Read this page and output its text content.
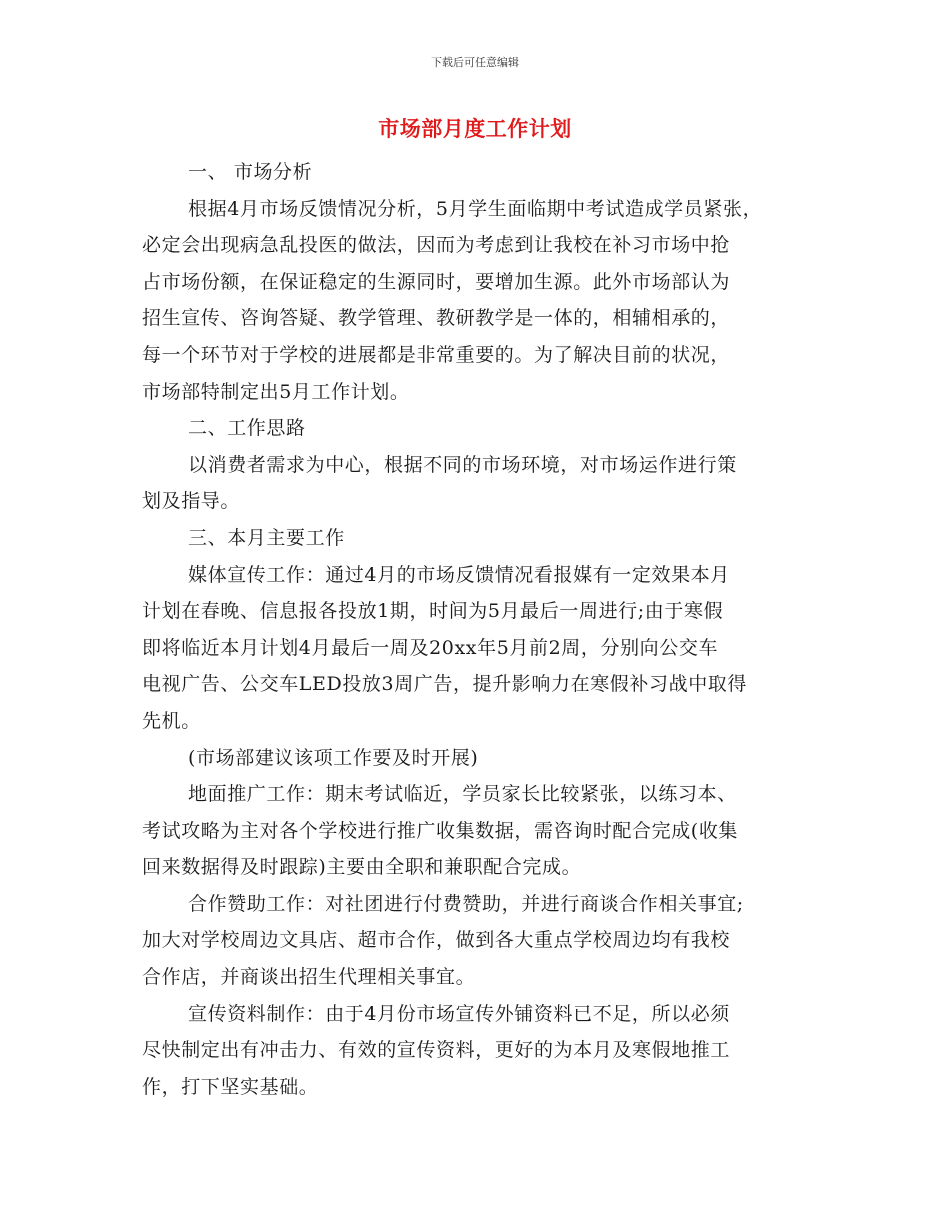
下载后可任意编辑
市场部月度工作计划
一、 市场分析
根据4月市场反馈情况分析，5月学生面临期中考试造成学员紧张，
必定会出现病急乱投医的做法，因而为考虑到让我校在补习市场中抢
占市场份额，在保证稳定的生源同时，要增加生源。此外市场部认为
招生宣传、咨询答疑、教学管理、教研教学是一体的，相辅相承的，
每一个环节对于学校的进展都是非常重要的。为了解决目前的状况，
市场部特制定出5月工作计划。
二、工作思路
以消费者需求为中心，根据不同的市场环境，对市场运作进行策
划及指导。
三、本月主要工作
媒体宣传工作：通过4月的市场反馈情况看报媒有一定效果本月
计划在春晚、信息报各投放1期，时间为5月最后一周进行;由于寒假
即将临近本月计划4月最后一周及20xx年5月前2周，分别向公交车
电视广告、公交车LED投放3周广告，提升影响力在寒假补习战中取得
先机。
(市场部建议该项工作要及时开展)
地面推广工作：期末考试临近，学员家长比较紧张，以练习本、
考试攻略为主对各个学校进行推广收集数据，需咨询时配合完成(收集
回来数据得及时跟踪)主要由全职和兼职配合完成。
合作赞助工作：对社团进行付费赞助，并进行商谈合作相关事宜;
加大对学校周边文具店、超市合作，做到各大重点学校周边均有我校
合作店，并商谈出招生代理相关事宜。
宣传资料制作：由于4月份市场宣传外铺资料已不足，所以必须
尽快制定出有冲击力、有效的宣传资料，更好的为本月及寒假地推工
作，打下坚实基础。
